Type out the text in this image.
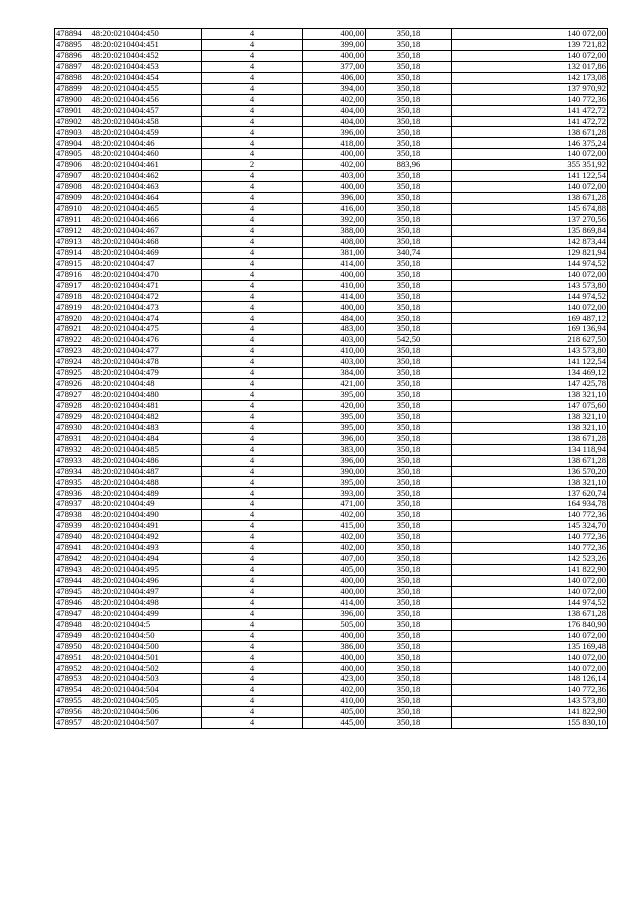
478894	48:20:0210404:450	4	400,00	350,18	140 072,00
478895	48:20:0210404:451	4	399,00	350,18	139 721,82
478896	48:20:0210404:452	4	400,00	350,18	140 072,00
478897	48:20:0210404:453	4	377,00	350,18	132 017,86
478898	48:20:0210404:454	4	406,00	350,18	142 173,08
478899	48:20:0210404:455	4	394,00	350,18	137 970,92
478900	48:20:0210404:456	4	402,00	350,18	140 772,36
478901	48:20:0210404:457	4	404,00	350,18	141 472,72
478902	48:20:0210404:458	4	404,00	350,18	141 472,72
478903	48:20:0210404:459	4	396,00	350,18	138 671,28
478904	48:20:0210404:46	4	418,00	350,18	146 375,24
478905	48:20:0210404:460	4	400,00	350,18	140 072,00
478906	48:20:0210404:461	2	402,00	883,96	355 351,92
478907	48:20:0210404:462	4	403,00	350,18	141 122,54
478908	48:20:0210404:463	4	400,00	350,18	140 072,00
478909	48:20:0210404:464	4	396,00	350,18	138 671,28
478910	48:20:0210404:465	4	416,00	350,18	145 674,88
478911	48:20:0210404:466	4	392,00	350,18	137 270,56
478912	48:20:0210404:467	4	388,00	350,18	135 869,84
478913	48:20:0210404:468	4	408,00	350,18	142 873,44
478914	48:20:0210404:469	4	381,00	340,74	129 821,94
478915	48:20:0210404:47	4	414,00	350,18	144 974,52
478916	48:20:0210404:470	4	400,00	350,18	140 072,00
478917	48:20:0210404:471	4	410,00	350,18	143 573,80
478918	48:20:0210404:472	4	414,00	350,18	144 974,52
478919	48:20:0210404:473	4	400,00	350,18	140 072,00
478920	48:20:0210404:474	4	484,00	350,18	169 487,12
478921	48:20:0210404:475	4	483,00	350,18	169 136,94
478922	48:20:0210404:476	4	403,00	542,50	218 627,50
478923	48:20:0210404:477	4	410,00	350,18	143 573,80
478924	48:20:0210404:478	4	403,00	350,18	141 122,54
478925	48:20:0210404:479	4	384,00	350,18	134 469,12
478926	48:20:0210404:48	4	421,00	350,18	147 425,78
478927	48:20:0210404:480	4	395,00	350,18	138 321,10
478928	48:20:0210404:481	4	420,00	350,18	147 075,60
478929	48:20:0210404:482	4	395,00	350,18	138 321,10
478930	48:20:0210404:483	4	395,00	350,18	138 321,10
478931	48:20:0210404:484	4	396,00	350,18	138 671,28
478932	48:20:0210404:485	4	383,00	350,18	134 118,94
478933	48:20:0210404:486	4	396,00	350,18	138 671,28
478934	48:20:0210404:487	4	390,00	350,18	136 570,20
478935	48:20:0210404:488	4	395,00	350,18	138 321,10
478936	48:20:0210404:489	4	393,00	350,18	137 620,74
478937	48:20:0210404:49	4	471,00	350,18	164 934,78
478938	48:20:0210404:490	4	402,00	350,18	140 772,36
478939	48:20:0210404:491	4	415,00	350,18	145 324,70
478940	48:20:0210404:492	4	402,00	350,18	140 772,36
478941	48:20:0210404:493	4	402,00	350,18	140 772,36
478942	48:20:0210404:494	4	407,00	350,18	142 523,26
478943	48:20:0210404:495	4	405,00	350,18	141 822,90
478944	48:20:0210404:496	4	400,00	350,18	140 072,00
478945	48:20:0210404:497	4	400,00	350,18	140 072,00
478946	48:20:0210404:498	4	414,00	350,18	144 974,52
478947	48:20:0210404:499	4	396,00	350,18	138 671,28
478948	48:20:0210404:5	4	505,00	350,18	176 840,90
478949	48:20:0210404:50	4	400,00	350,18	140 072,00
478950	48:20:0210404:500	4	386,00	350,18	135 169,48
478951	48:20:0210404:501	4	400,00	350,18	140 072,00
478952	48:20:0210404:502	4	400,00	350,18	140 072,00
478953	48:20:0210404:503	4	423,00	350,18	148 126,14
478954	48:20:0210404:504	4	402,00	350,18	140 772,36
478955	48:20:0210404:505	4	410,00	350,18	143 573,80
478956	48:20:0210404:506	4	405,00	350,18	141 822,90
478957	48:20:0210404:507	4	445,00	350,18	155 830,10
